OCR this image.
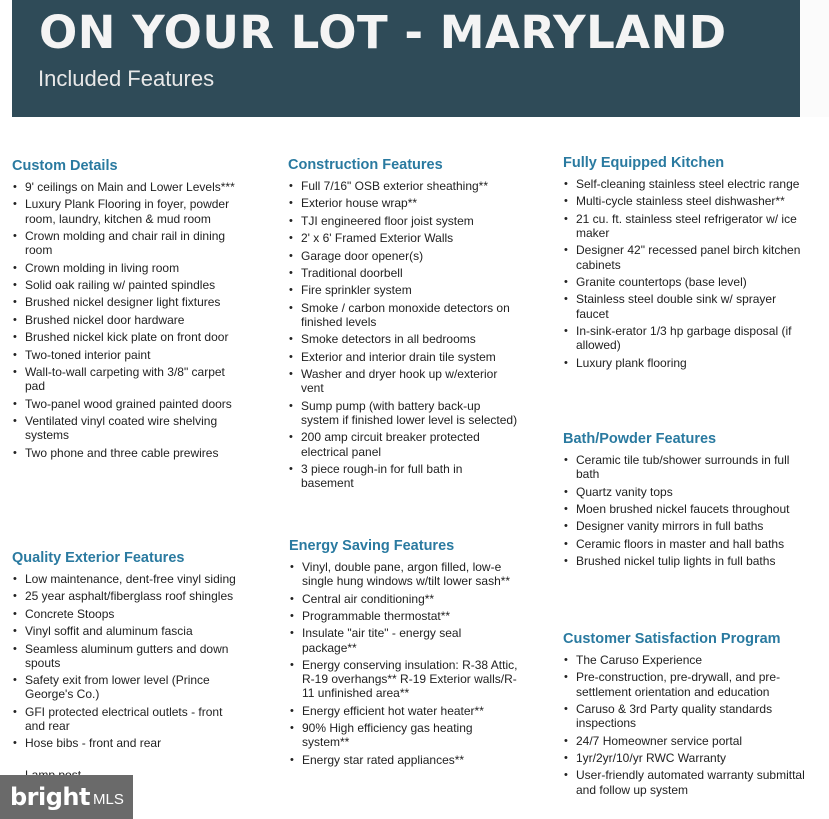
ON YOUR LOT - MARYLAND
Included Features
Custom Details
• 9' ceilings on Main and Lower Levels***
• Luxury Plank Flooring in foyer, powder room, laundry, kitchen & mud room
• Crown molding and chair rail in dining room
• Crown molding in living room
• Solid oak railing w/ painted spindles
• Brushed nickel designer light fixtures
• Brushed nickel door hardware
• Brushed nickel kick plate on front door
• Two-toned interior paint
• Wall-to-wall carpeting with 3/8" carpet pad
• Two-panel wood grained painted doors
• Ventilated vinyl coated wire shelving systems
• Two phone and three cable prewires
Quality Exterior Features
• Low maintenance, dent-free vinyl siding
• 25 year asphalt/fiberglass roof shingles
• Concrete Stoops
• Vinyl soffit and aluminum fascia
• Seamless aluminum gutters and down spouts
• Safety exit from lower level (Prince George's Co.)
• GFI protected electrical outlets - front and rear
• Hose bibs - front and rear
Construction Features
• Full 7/16" OSB exterior sheathing**
• Exterior house wrap**
• TJI engineered floor joist system
• 2' x 6' Framed Exterior Walls
• Garage door opener(s)
• Traditional doorbell
• Fire sprinkler system
• Smoke / carbon monoxide detectors on finished levels
• Smoke detectors in all bedrooms
• Exterior and interior drain tile system
• Washer and dryer hook up w/exterior vent
• Sump pump (with battery back-up system if finished lower level is selected)
• 200 amp circuit breaker protected electrical panel
• 3 piece rough-in for full bath in basement
Energy Saving Features
• Vinyl, double pane, argon filled, low-e single hung windows w/tilt lower sash**
• Central air conditioning**
• Programmable thermostat**
• Insulate "air tite" - energy seal package**
• Energy conserving insulation: R-38 Attic, R-19 overhangs** R-19 Exterior walls/R-11 unfinished area**
• Energy efficient hot water heater**
• 90% High efficiency gas heating system**
• Energy star rated appliances**
Fully Equipped Kitchen
• Self-cleaning stainless steel electric range
• Multi-cycle stainless steel dishwasher**
• 21 cu. ft. stainless steel refrigerator w/ ice maker
• Designer 42" recessed panel birch kitchen cabinets
• Granite countertops (base level)
• Stainless steel double sink w/ sprayer faucet
• In-sink-erator 1/3 hp garbage disposal (if allowed)
• Luxury plank flooring
Bath/Powder Features
• Ceramic tile tub/shower surrounds in full bath
• Quartz vanity tops
• Moen brushed nickel faucets throughout
• Designer vanity mirrors in full baths
• Ceramic floors in master and hall baths
• Brushed nickel tulip lights in full baths
Customer Satisfaction Program
• The Caruso Experience
• Pre-construction, pre-drywall, and pre-settlement orientation and education
• Caruso & 3rd Party quality standards inspections
• 24/7 Homeowner service portal
• 1yr/2yr/10/yr RWC Warranty
• User-friendly automated warranty submittal and follow up system
bright MLS
